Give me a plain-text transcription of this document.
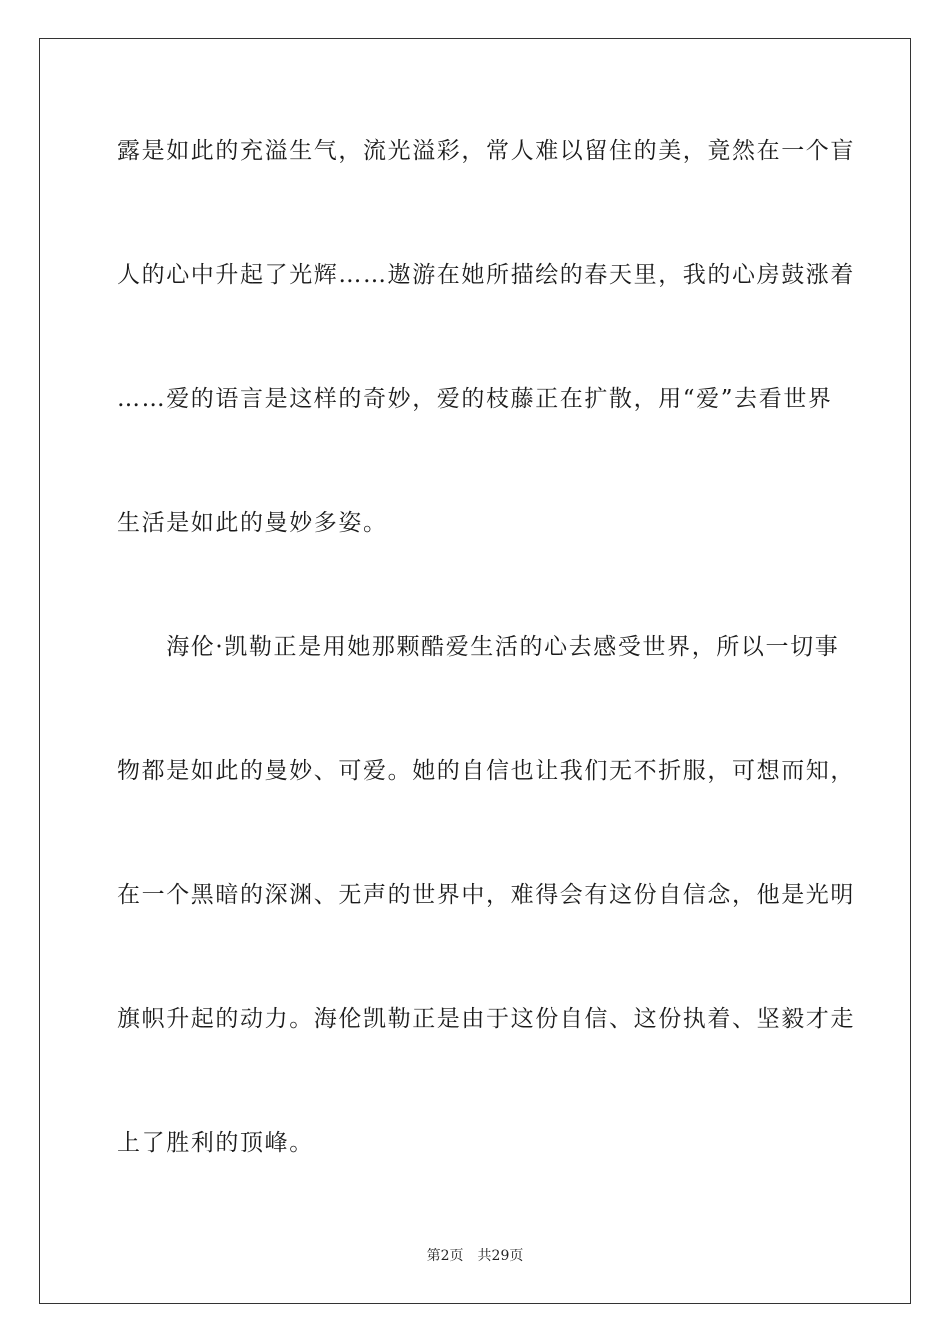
露是如此的充溢生气，流光溢彩，常人难以留住的美，竟然在一个盲
人的心中升起了光辉……遨游在她所描绘的春天里，我的心房鼓涨着
……爱的语言是这样的奇妙，爱的枝藤正在扩散，用“爱”去看世界
生活是如此的曼妙多姿。
　　海伦·凯勒正是用她那颗酷爱生活的心去感受世界，所以一切事
物都是如此的曼妙、可爱。她的自信也让我们无不折服，可想而知，
在一个黑暗的深渊、无声的世界中，难得会有这份自信念，他是光明
旗帜升起的动力。海伦凯勒正是由于这份自信、这份执着、坚毅才走
上了胜利的顶峰。
第2页　共29页
